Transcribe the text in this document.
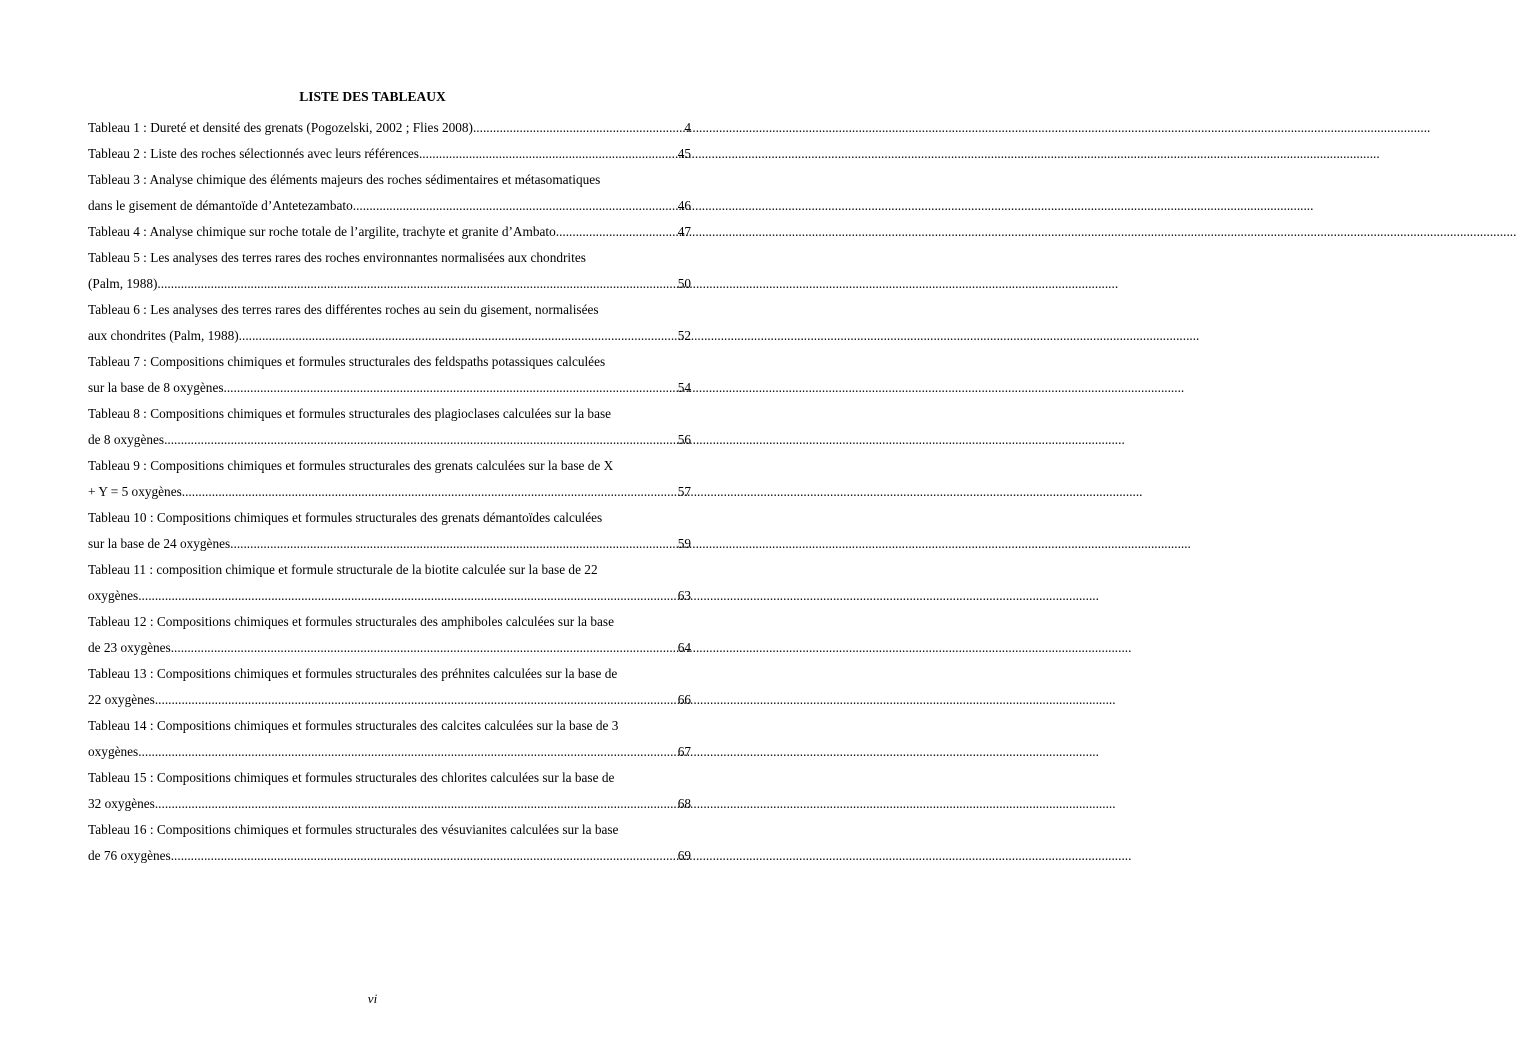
LISTE DES TABLEAUX
Tableau 1 : Dureté et densité des grenats (Pogozelski, 2002 ; Flies 2008) .....	4
Tableau 2 : Liste des roches sélectionnés avec leurs références. .....	45
Tableau 3 : Analyse chimique des éléments majeurs des roches sédimentaires et métasomatiques
dans le gisement de démantoïde d’Antetezambato. .....	46
Tableau 4 : Analyse chimique sur roche totale de l’argilite, trachyte et granite d’Ambato. .....	47
Tableau 5 : Les analyses des terres rares des roches environnantes normalisées aux chondrites
(Palm, 1988). .....	50
Tableau 6 : Les analyses des terres rares des différentes roches au sein du gisement, normalisées
aux chondrites (Palm, 1988). .....	52
Tableau 7 : Compositions chimiques et formules structurales des feldspaths potassiques calculées
sur la base de 8 oxygènes. .....	54
Tableau 8 : Compositions chimiques et formules structurales des plagioclases calculées sur la base
de 8 oxygènes. .....	56
Tableau 9 : Compositions chimiques et formules structurales des grenats calculées sur la base de X
+ Y = 5 oxygènes. .....	57
Tableau 10 : Compositions chimiques et formules structurales des grenats démantoïdes calculées
sur la base de 24 oxygènes. .....	59
Tableau 11 : composition chimique et formule structurale de la biotite calculée sur la base de 22
oxygènes. .....	63
Tableau 12 : Compositions chimiques et formules structurales des amphiboles calculées sur la base
de 23 oxygènes. .....	64
Tableau 13 : Compositions chimiques et formules structurales des préhnites calculées sur la base de
22 oxygènes. .....	66
Tableau 14 : Compositions chimiques et formules structurales des calcites calculées sur la base de 3
oxygènes. .....	67
Tableau 15 : Compositions chimiques et formules structurales des chlorites calculées sur la base de
32 oxygènes. .....	68
Tableau 16 : Compositions chimiques et formules structurales des vésuvianites calculées sur la base
de 76 oxygènes. .....	69
vi
